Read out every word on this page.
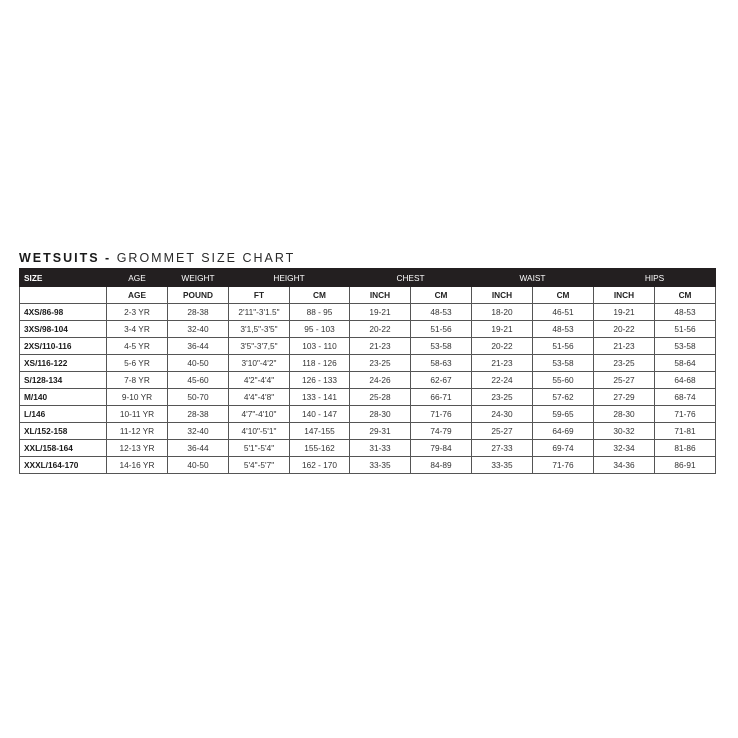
WETSUITS - GROMMET SIZE CHART
SIZE	AGE	WEIGHT	HEIGHT		CHEST		WAIST		HIPS	
	AGE	POUND	FT	CM	INCH	CM	INCH	CM	INCH	CM
4XS/86-98	2-3 YR	28-38	2'11"-3'1.5"	88 - 95	19-21	48-53	18-20	46-51	19-21	48-53
3XS/98-104	3-4 YR	32-40	3'1,5"-3'5"	95 - 103	20-22	51-56	19-21	48-53	20-22	51-56
2XS/110-116	4-5 YR	36-44	3'5"-3'7,5"	103 - 110	21-23	53-58	20-22	51-56	21-23	53-58
XS/116-122	5-6 YR	40-50	3'10"-4'2"	118 - 126	23-25	58-63	21-23	53-58	23-25	58-64
S/128-134	7-8 YR	45-60	4'2"-4'4"	126 - 133	24-26	62-67	22-24	55-60	25-27	64-68
M/140	9-10 YR	50-70	4'4"-4'8"	133 - 141	25-28	66-71	23-25	57-62	27-29	68-74
L/146	10-11 YR	28-38	4'7"-4'10"	140 - 147	28-30	71-76	24-30	59-65	28-30	71-76
XL/152-158	11-12 YR	32-40	4'10"-5'1"	147-155	29-31	74-79	25-27	64-69	30-32	71-81
XXL/158-164	12-13 YR	36-44	5'1"-5'4"	155-162	31-33	79-84	27-33	69-74	32-34	81-86
XXXL/164-170	14-16 YR	40-50	5'4"-5'7"	162 - 170	33-35	84-89	33-35	71-76	34-36	86-91
